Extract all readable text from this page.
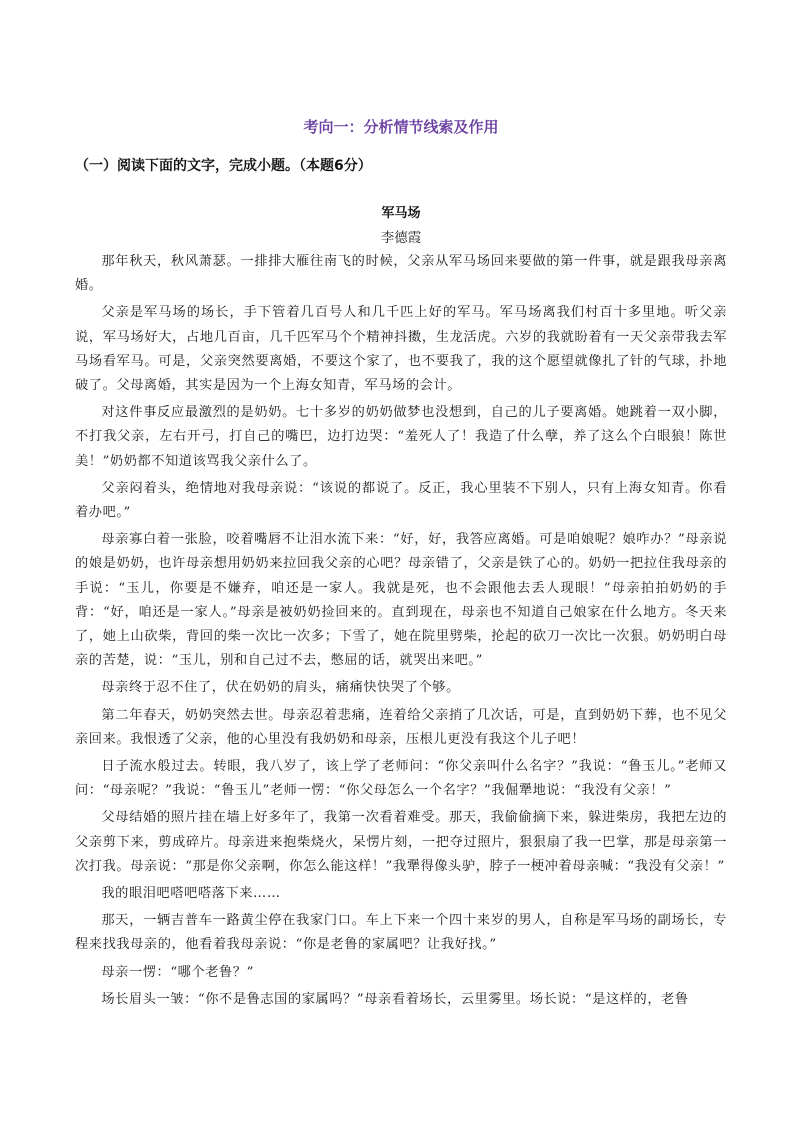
考向一：分析情节线索及作用
（一）阅读下面的文字，完成小题。（本题6分）
军马场
李德霞

那年秋天，秋风萧瑟。一排排大雁往南飞的时候，父亲从军马场回来要做的第一件事，就是跟我母亲离婚。

父亲是军马场的场长，手下管着几百号人和几千匹上好的军马。军马场离我们村百十多里地。听父亲说，军马场好大，占地几百亩，几千匹军马个个精神抖擞，生龙活虎。六岁的我就盼着有一天父亲带我去军马场看军马。可是，父亲突然要离婚，不要这个家了，也不要我了，我的这个愿望就像扎了针的气球，扑地破了。父母离婚，其实是因为一个上海女知青，军马场的会计。

对这件事反应最激烈的是奶奶。七十多岁的奶奶做梦也没想到，自己的儿子要离婚。她跳着一双小脚，不打我父亲，左右开弓，打自己的嘴巴，边打边哭：“羞死人了！我造了什么孽，养了这么个白眼狼！陈世美！”奶奶都不知道该骂我父亲什么了。

父亲闷着头，绝情地对我母亲说：“该说的都说了。反正，我心里装不下别人，只有上海女知青。你看着办吧。”

母亲寡白着一张脸，咬着嘴唇不让泪水流下来：“好，好，我答应离婚。可是咱娘呢？娘咋办？”母亲说的娘是奶奶，也许母亲想用奶奶来拉回我父亲的心吧？母亲错了，父亲是铁了心的。奶奶一把拉住我母亲的手说：“玉儿，你要是不嫌弃，咱还是一家人。我就是死，也不会跟他去丢人现眼！”母亲拍拍奶奶的手背：“好，咱还是一家人。”母亲是被奶奶捡回来的。直到现在，母亲也不知道自己娘家在什么地方。冬天来了，她上山砍柴，背回的柴一次比一次多；下雪了，她在院里劈柴，抡起的砍刀一次比一次狠。奶奶明白母亲的苦楚，说：“玉儿，别和自己过不去，憋屈的话，就哭出来吧。”

母亲终于忍不住了，伏在奶奶的肩头，痛痛快快哭了个够。

第二年春天，奶奶突然去世。母亲忍着悲痛，连着给父亲捎了几次话，可是，直到奶奶下葬，也不见父亲回来。我恨透了父亲，他的心里没有我奶奶和母亲，压根儿更没有我这个儿子吧！

日子流水般过去。转眼，我八岁了，该上学了老师问：“你父亲叫什么名字？”我说：“鲁玉儿。”老师又问：“母亲呢？”我说：“鲁玉儿”老师一愣：“你父母怎么一个名字？”我倔犟地说：“我没有父亲！”

父母结婚的照片挂在墙上好多年了，我第一次看着难受。那天，我偷偷摘下来，躲进柴房，我把左边的父亲剪下来，剪成碎片。母亲进来抱柴烧火，呆愣片刻，一把夺过照片，狠狠扇了我一巴掌，那是母亲第一次打我。母亲说：“那是你父亲啊，你怎么能这样！”我犟得像头驴，脖子一梗冲着母亲喊：“我没有父亲！”

我的眼泪吧嗒吧嗒落下来……

那天，一辆吉普车一路黄尘停在我家门口。车上下来一个四十来岁的男人，自称是军马场的副场长，专程来找我母亲的，他看着我母亲说：“你是老鲁的家属吧？让我好找。”

母亲一愣：“哪个老鲁？”

场长眉头一皱：“你不是鲁志国的家属吗？”母亲看着场长，云里雾里。场长说：“是这样的，老鲁
